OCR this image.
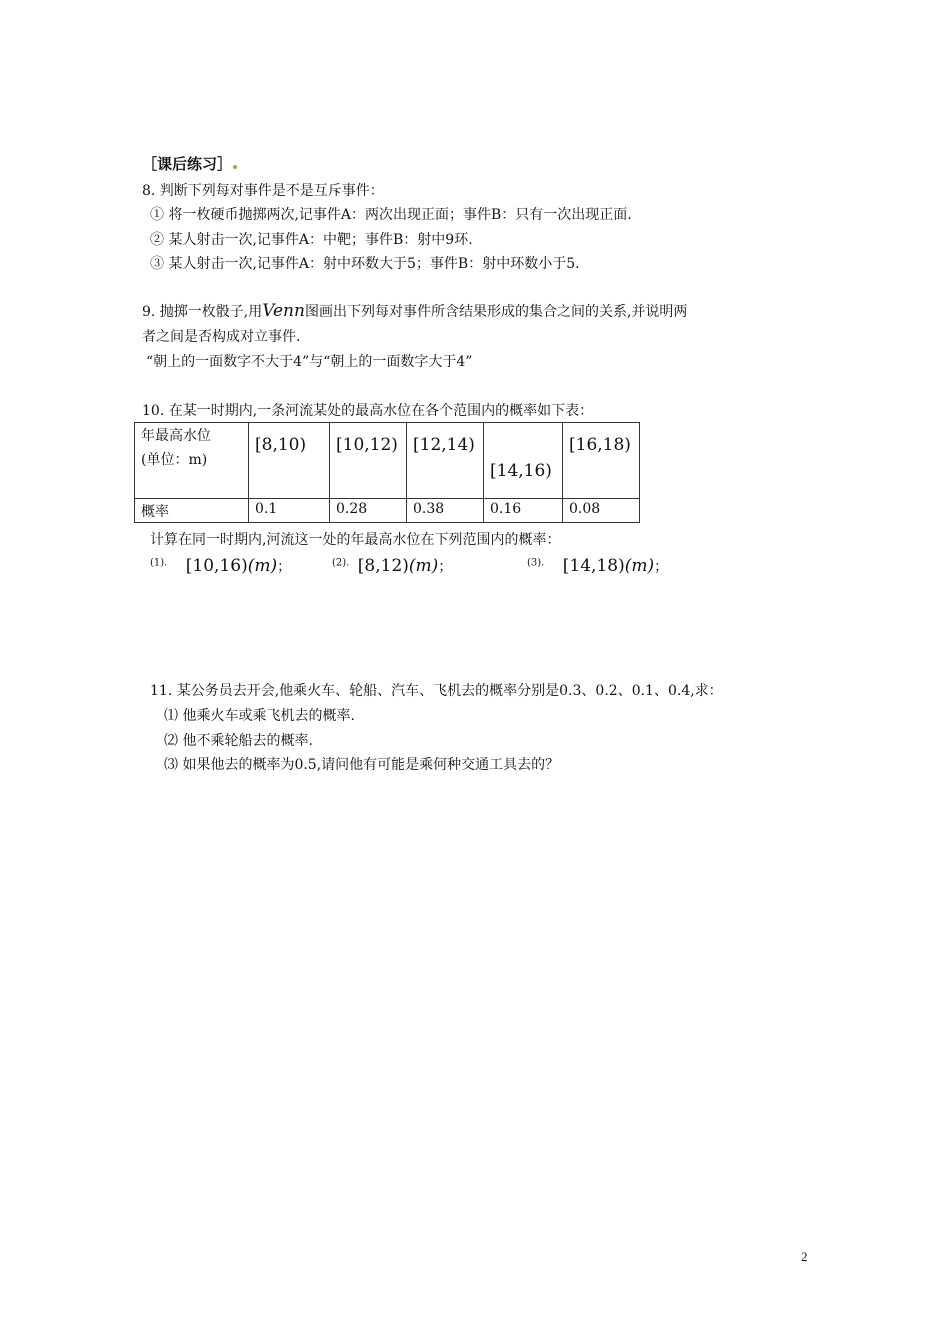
［课后练习］
8. 判断下列每对事件是不是互斥事件：
① 将一枚硬币抛掷两次,记事件A：两次出现正面；事件B：只有一次出现正面.
② 某人射击一次,记事件A：中靶；事件B：射中9环.
③ 某人射击一次,记事件A：射中环数大于5；事件B：射中环数小于5.
9. 抛掷一枚骰子,用Venn图画出下列每对事件所含结果形成的集合之间的关系,并说明两
者之间是否构成对立事件.
“朝上的一面数字不大于4”与“朝上的一面数字大于4”
10. 在某一时期内,一条河流某处的最高水位在各个范围内的概率如下表：
年最高水位
(单位：m)	[8,10)	[10,12)	[12,14)	[14,16)	[16,18)
概率	0.1	0.28	0.38	0.16	0.08
计算在同一时期内,河流这一处的年最高水位在下列范围内的概率：
$^{(1).}$ [10,16)(m)；	$^{(2).}$ [8,12)(m)；	$^{(3).}$ [14,18)(m)；
11. 某公务员去开会,他乘火车、轮船、汽车、飞机去的概率分别是0.3、0.2、0.1、0.4,求：
⑴ 他乘火车或乘飞机去的概率.
⑵ 他不乘轮船去的概率.
⑶ 如果他去的概率为0.5,请问他有可能是乘何种交通工具去的？
2
